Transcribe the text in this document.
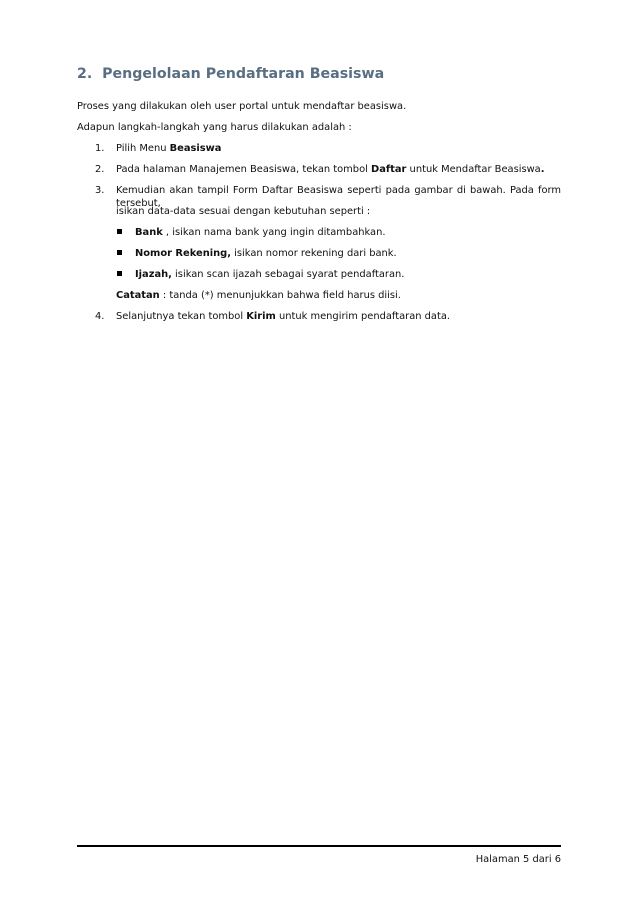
2. Pengelolaan Pendaftaran Beasiswa
Proses yang dilakukan oleh user portal untuk mendaftar beasiswa.
Adapun langkah-langkah yang harus dilakukan adalah :
1. Pilih Menu Beasiswa
2. Pada halaman Manajemen Beasiswa, tekan tombol Daftar untuk Mendaftar Beasiswa.
3. Kemudian akan tampil Form Daftar Beasiswa seperti pada gambar di bawah. Pada form tersebut,
isikan data-data sesuai dengan kebutuhan seperti :
Bank , isikan nama bank yang ingin ditambahkan.
Nomor Rekening, isikan nomor rekening dari bank.
Ijazah, isikan scan ijazah sebagai syarat pendaftaran.
Catatan : tanda (*) menunjukkan bahwa field harus diisi.
4. Selanjutnya tekan tombol Kirim untuk mengirim pendaftaran data.
Halaman 5 dari 6
